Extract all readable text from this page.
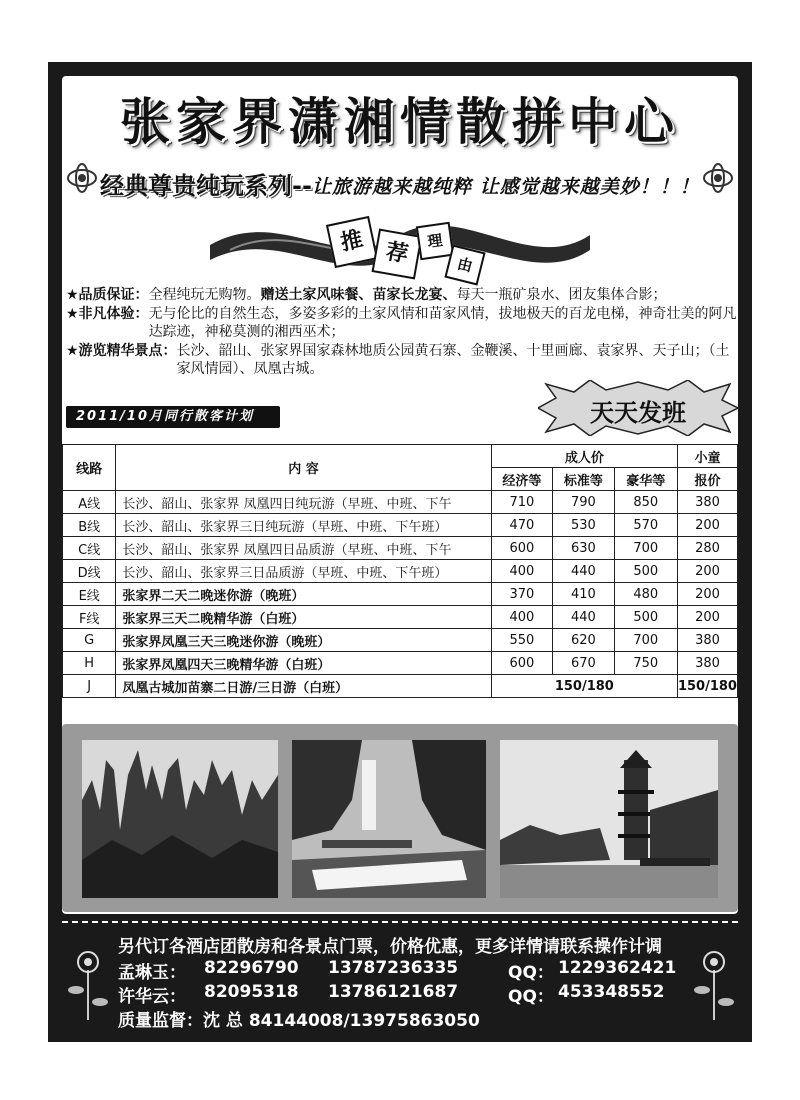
张家界潇湘情散拼中心
经典尊贵纯玩系列-- 让旅游越来越纯粹 让感觉越来越美妙！！！
推 荐	理
由
★品质保证： 全程纯玩无购物。赠送土家风味餐、苗家长龙宴、每天一瓶矿泉水、团友集体合影；
★非凡体验： 无与伦比的自然生态，多姿多彩的土家风情和苗家风情，拔地极天的百龙电梯，神奇壮美的阿凡达踪迹，神秘莫测的湘西巫术；
★游览精华景点： 长沙、韶山、张家界国家森林地质公园黄石寨、金鞭溪、十里画廊、袁家界、天子山；（土家风情园）、凤凰古城。
2011/10月同行散客计划	天天发班
线路	内 容	成人价			小童
		经济等	标准等	豪华等	报价
A线	长沙、韶山、张家界 凤凰四日纯玩游（早班、中班、下午	710	790	850	380
B线	长沙、韶山、张家界三日纯玩游（早班、中班、下午班）	470	530	570	200
C线	长沙、韶山、张家界 凤凰四日品质游（早班、中班、下午	600	630	700	280
D线	长沙、韶山、张家界三日品质游（早班、中班、下午班）	400	440	500	200
E线	张家界二天二晚迷你游（晚班）	370	410	480	200
F线	张家界三天二晚精华游（白班）	400	440	500	200
G	张家界凤凰三天三晚迷你游（晚班）	550	620	700	380
H	张家界凤凰四天三晚精华游（白班）	600	670	750	380
J	凤凰古城加苗寨二日游/三日游（白班）	150/180			150/180
另代订各酒店团散房和各景点门票，价格优惠，更多详情请联系操作计调
孟琳玉： 82296790 13787236335	QQ： 1229362421
许华云： 82095318 13786121687	QQ： 453348552
质量监督：沈 总 84144008/13975863050
